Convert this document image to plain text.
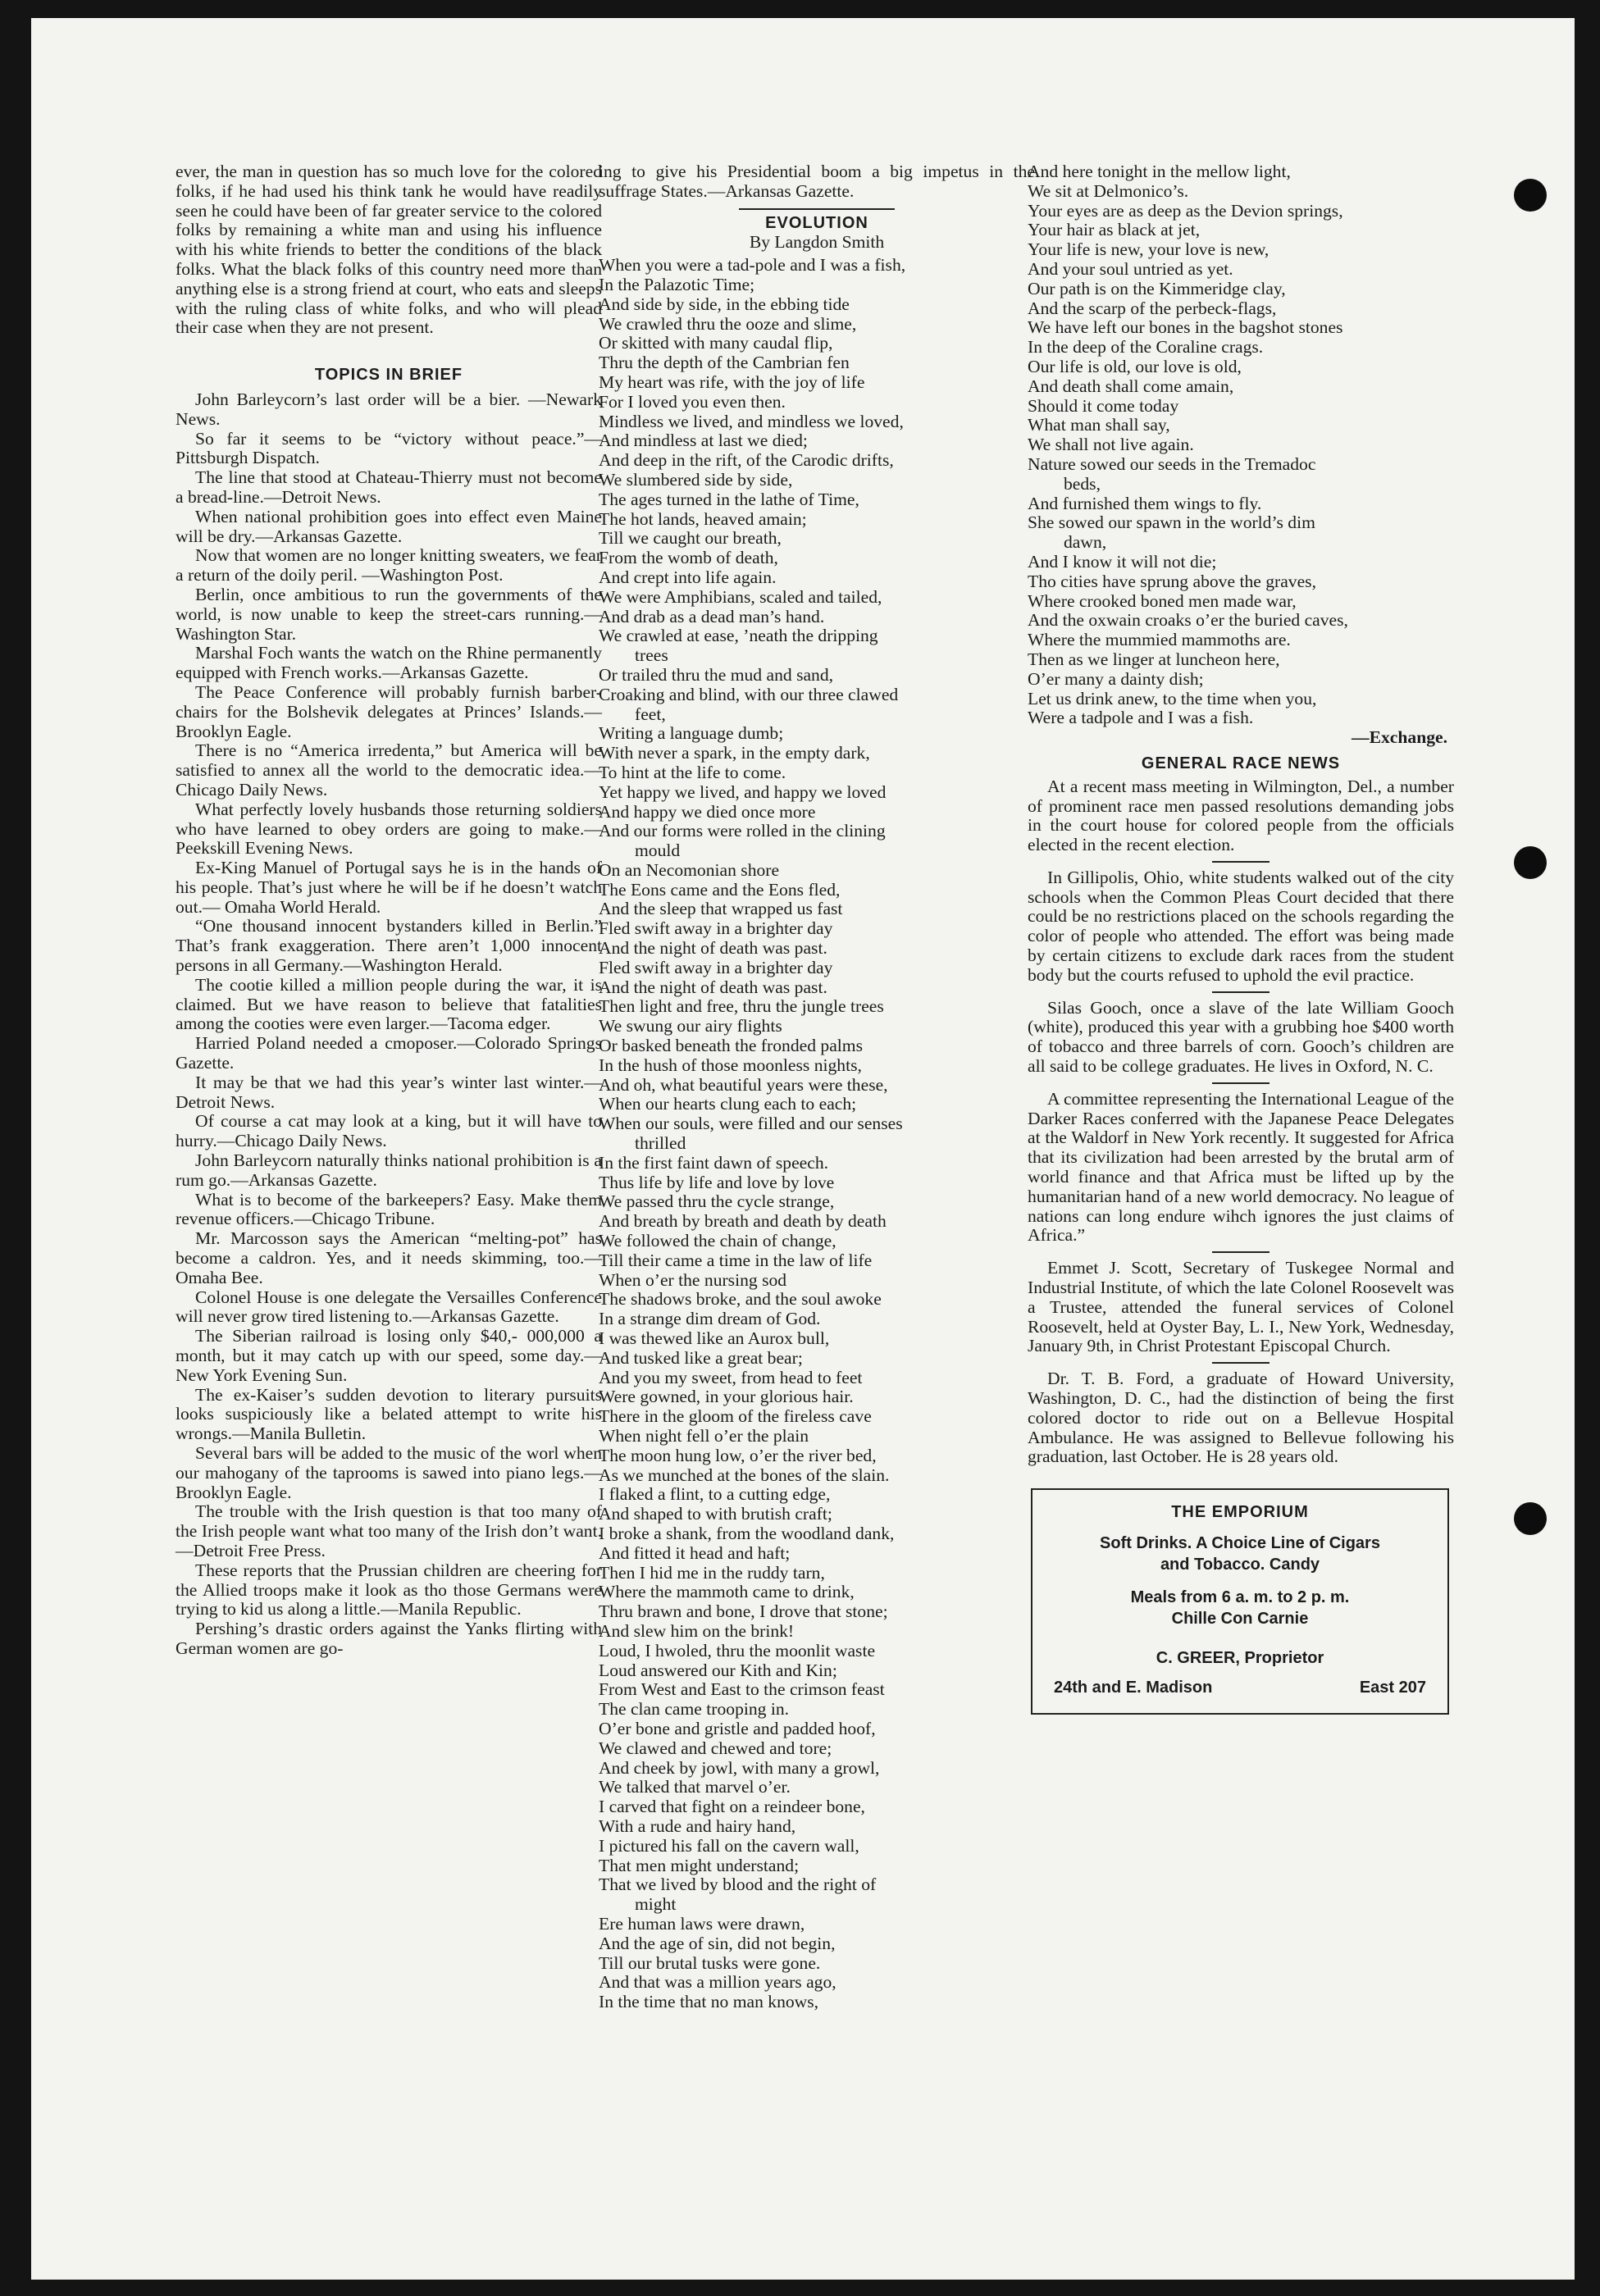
ever, the man in question has so much love for the colored folks, if he had used his think tank he would have readily seen he could have been of far greater service to the colored folks by remaining a white man and using his influence with his white friends to better the conditions of the black folks. What the black folks of this country need more than anything else is a strong friend at court, who eats and sleeps with the ruling class of white folks, and who will plead their case when they are not present.

TOPICS IN BRIEF

John Barleycorn’s last order will be a bier. —Newark News.

So far it seems to be “victory without peace.”—Pittsburgh Dispatch.

The line that stood at Chateau-Thierry must not become a bread-line.—Detroit News.

When national prohibition goes into effect even Maine will be dry.—Arkansas Gazette.

Now that women are no longer knitting sweaters, we fear a return of the doily peril. —Washington Post.

Berlin, once ambitious to run the governments of the world, is now unable to keep the street-cars running.—Washington Star.

Marshal Foch wants the watch on the Rhine permanently equipped with French works.—Arkansas Gazette.

The Peace Conference will probably furnish barber-chairs for the Bolshevik delegates at Princes’ Islands.—Brooklyn Eagle.

There is no “America irredenta,” but America will be satisfied to annex all the world to the democratic idea.—Chicago Daily News.

What perfectly lovely husbands those returning soldiers who have learned to obey orders are going to make.—Peekskill Evening News.

Ex-King Manuel of Portugal says he is in the hands of his people. That’s just where he will be if he doesn’t watch out.— Omaha World Herald.

“One thousand innocent bystanders killed in Berlin.” That’s frank exaggeration. There aren’t 1,000 innocent persons in all Germany.—Washington Herald.

The cootie killed a million people during the war, it is claimed. But we have reason to believe that fatalities among the cooties were even larger.—Tacoma edger.

Harried Poland needed a cmoposer.—Colorado Springs Gazette.

It may be that we had this year’s winter last winter.—Detroit News.

Of course a cat may look at a king, but it will have to hurry.—Chicago Daily News.

John Barleycorn naturally thinks national prohibition is a rum go.—Arkansas Gazette.

What is to become of the barkeepers? Easy. Make them revenue officers.—Chicago Tribune.

Mr. Marcosson says the American “melting-pot” has become a caldron. Yes, and it needs skimming, too.—Omaha Bee.

Colonel House is one delegate the Versailles Conference will never grow tired listening to.—Arkansas Gazette.

The Siberian railroad is losing only $40,- 000,000 a month, but it may catch up with our speed, some day.—New York Evening Sun.

The ex-Kaiser’s sudden devotion to literary pursuits looks suspiciously like a belated attempt to write his wrongs.—Manila Bulletin.

Several bars will be added to the music of the worl when our mahogany of the taprooms is sawed into piano legs.—Brooklyn Eagle.

The trouble with the Irish question is that too many of the Irish people want what too many of the Irish don’t want.—Detroit Free Press.

These reports that the Prussian children are cheering for the Allied troops make it look as tho those Germans were trying to kid us along a little.—Manila Republic.

Pershing’s drastic orders against the Yanks flirting with German women are go-

ing to give his Presidential boom a big impetus in the suffrage States.—Arkansas Gazette.

EVOLUTION
By Langdon Smith
When you were a tad-pole and I was a fish,
In the Palazotic Time;
And side by side, in the ebbing tide
We crawled thru the ooze and slime,
Or skitted with many caudal flip,
Thru the depth of the Cambrian fen
My heart was rife, with the joy of life
For I loved you even then.
Mindless we lived, and mindless we loved,
And mindless at last we died;
And deep in the rift, of the Carodic drifts,
We slumbered side by side,
The ages turned in the lathe of Time,
The hot lands, heaved amain;
Till we caught our breath,
From the womb of death,
And crept into life again.
We were Amphibians, scaled and tailed,
And drab as a dead man’s hand.
We crawled at ease, ’neath the dripping
trees
Or trailed thru the mud and sand,
Croaking and blind, with our three clawed
feet,
Writing a language dumb;
With never a spark, in the empty dark,
To hint at the life to come.
Yet happy we lived, and happy we loved
And happy we died once more
And our forms were rolled in the clining
mould
On an Necomonian shore
The Eons came and the Eons fled,
And the sleep that wrapped us fast
Fled swift away in a brighter day
And the night of death was past.
Fled swift away in a brighter day
And the night of death was past.
Then light and free, thru the jungle trees
We swung our airy flights
Or basked beneath the fronded palms
In the hush of those moonless nights,
And oh, what beautiful years were these,
When our hearts clung each to each;
When our souls, were filled and our senses
thrilled
In the first faint dawn of speech.
Thus life by life and love by love
We passed thru the cycle strange,
And breath by breath and death by death
We followed the chain of change,
Till their came a time in the law of life
When o’er the nursing sod
The shadows broke, and the soul awoke
In a strange dim dream of God.
I was thewed like an Aurox bull,
And tusked like a great bear;
And you my sweet, from head to feet
Were gowned, in your glorious hair.
There in the gloom of the fireless cave
When night fell o’er the plain
The moon hung low, o’er the river bed,
As we munched at the bones of the slain.
I flaked a flint, to a cutting edge,
And shaped to with brutish craft;
I broke a shank, from the woodland dank,
And fitted it head and haft;
Then I hid me in the ruddy tarn,
Where the mammoth came to drink,
Thru brawn and bone, I drove that stone;
And slew him on the brink!
Loud, I hwoled, thru the moonlit waste
Loud answered our Kith and Kin;
From West and East to the crimson feast
The clan came trooping in.
O’er bone and gristle and padded hoof,
We clawed and chewed and tore;
And cheek by jowl, with many a growl,
We talked that marvel o’er.
I carved that fight on a reindeer bone,
With a rude and hairy hand,
I pictured his fall on the cavern wall,
That men might understand;
That we lived by blood and the right of
might
Ere human laws were drawn,
And the age of sin, did not begin,
Till our brutal tusks were gone.
And that was a million years ago,
In the time that no man knows,
And here tonight in the mellow light,
We sit at Delmonico’s.
Your eyes are as deep as the Devion springs,
Your hair as black at jet,
Your life is new, your love is new,
And your soul untried as yet.
Our path is on the Kimmeridge clay,
And the scarp of the perbeck-flags,
We have left our bones in the bagshot stones
In the deep of the Coraline crags.
Our life is old, our love is old,
And death shall come amain,
Should it come today
What man shall say,
We shall not live again.
Nature sowed our seeds in the Tremadoc
beds,
And furnished them wings to fly.
She sowed our spawn in the world’s dim
dawn,
And I know it will not die;
Tho cities have sprung above the graves,
Where crooked boned men made war,
And the oxwain croaks o’er the buried caves,
Where the mummied mammoths are.
Then as we linger at luncheon here,
O’er many a dainty dish;
Let us drink anew, to the time when you,
Were a tadpole and I was a fish.
—Exchange.
GENERAL RACE NEWS

At a recent mass meeting in Wilmington, Del., a number of prominent race men passed resolutions demanding jobs in the court house for colored people from the officials elected in the recent election.

In Gillipolis, Ohio, white students walked out of the city schools when the Common Pleas Court decided that there could be no restrictions placed on the schools regarding the color of people who attended. The effort was being made by certain citizens to exclude dark races from the student body but the courts refused to uphold the evil practice.

Silas Gooch, once a slave of the late William Gooch (white), produced this year with a grubbing hoe $400 worth of tobacco and three barrels of corn. Gooch’s children are all said to be college graduates. He lives in Oxford, N. C.

A committee representing the International League of the Darker Races conferred with the Japanese Peace Delegates at the Waldorf in New York recently. It suggested for Africa that its civilization had been arrested by the brutal arm of world finance and that Africa must be lifted up by the humanitarian hand of a new world democracy. No league of nations can long endure wihch ignores the just claims of Africa.”

Emmet J. Scott, Secretary of Tuskegee Normal and Industrial Institute, of which the late Colonel Roosevelt was a Trustee, attended the funeral services of Colonel Roosevelt, held at Oyster Bay, L. I., New York, Wednesday, January 9th, in Christ Protestant Episcopal Church.

Dr. T. B. Ford, a graduate of Howard University, Washington, D. C., had the distinction of being the first colored doctor to ride out on a Bellevue Hospital Ambulance. He was assigned to Bellevue following his graduation, last October. He is 28 years old.

THE EMPORIUM
Soft Drinks. A Choice Line of Cigars
and Tobacco. Candy
Meals from 6 a. m. to 2 p. m.
Chille Con Carnie
C. GREER, Proprietor
24th and E. Madison	East 207
